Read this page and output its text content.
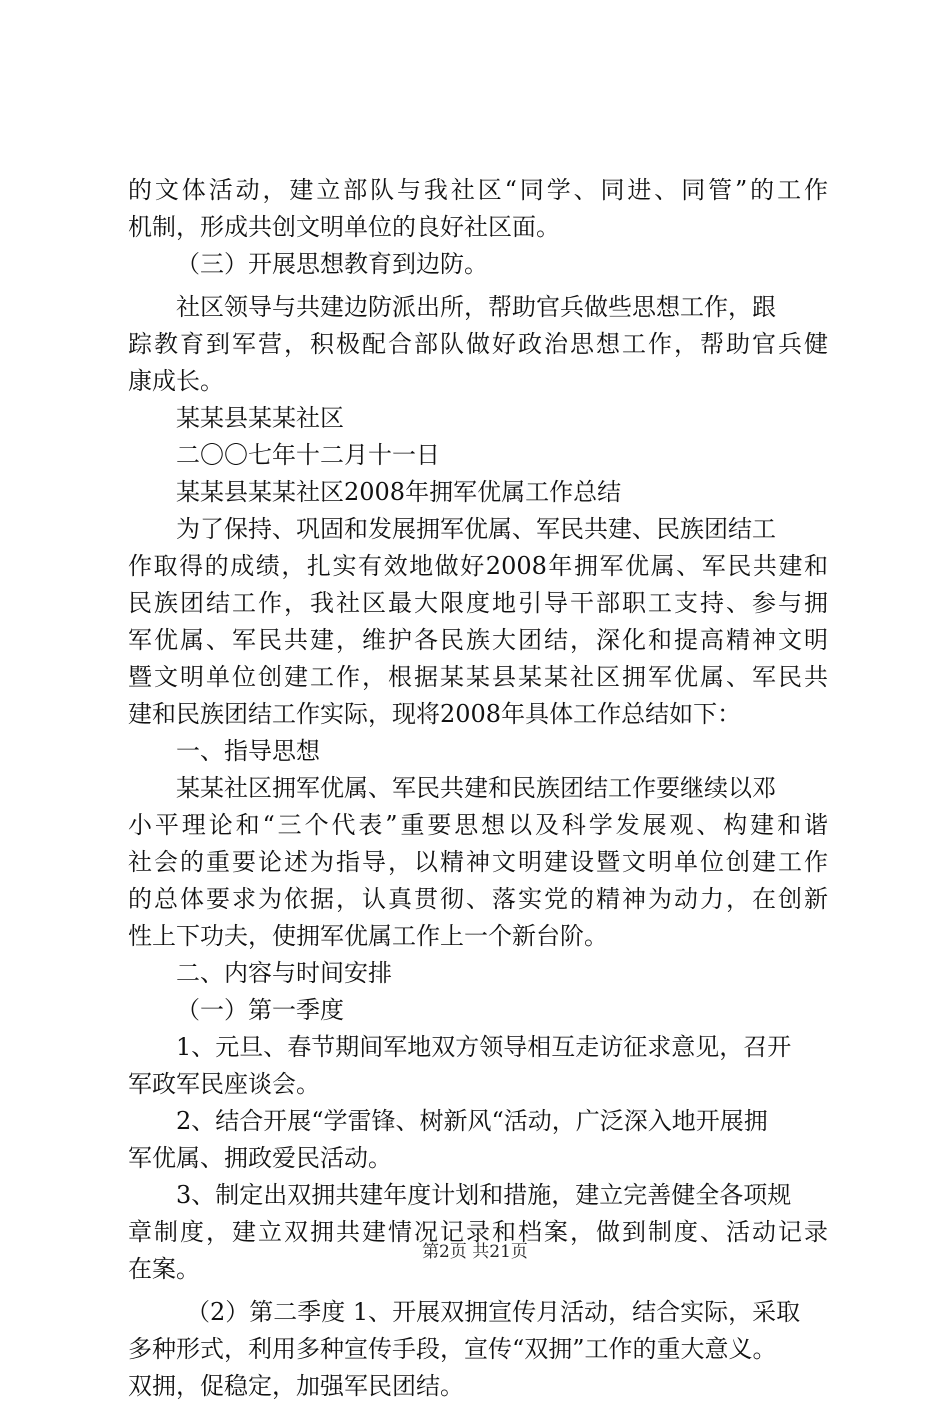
的文体活动，建立部队与我社区“同学、同进、同管”的工作
机制，形成共创文明单位的良好社区面。
（三）开展思想教育到边防。
社区领导与共建边防派出所，帮助官兵做些思想工作，跟
踪教育到军营，积极配合部队做好政治思想工作，帮助官兵健
康成长。
某某县某某社区
二〇〇七年十二月十一日
某某县某某社区2008年拥军优属工作总结
为了保持、巩固和发展拥军优属、军民共建、民族团结工
作取得的成绩，扎实有效地做好2008年拥军优属、军民共建和
民族团结工作，我社区最大限度地引导干部职工支持、参与拥
军优属、军民共建，维护各民族大团结，深化和提高精神文明
暨文明单位创建工作，根据某某县某某社区拥军优属、军民共
建和民族团结工作实际，现将2008年具体工作总结如下：
一、指导思想
某某社区拥军优属、军民共建和民族团结工作要继续以邓
小平理论和“三个代表”重要思想以及科学发展观、构建和谐
社会的重要论述为指导，以精神文明建设暨文明单位创建工作
的总体要求为依据，认真贯彻、落实党的精神为动力，在创新
性上下功夫，使拥军优属工作上一个新台阶。
二、内容与时间安排
（一）第一季度
1、元旦、春节期间军地双方领导相互走访征求意见，召开
军政军民座谈会。
2、结合开展“学雷锋、树新风“活动，广泛深入地开展拥
军优属、拥政爱民活动。
3、制定出双拥共建年度计划和措施，建立完善健全各项规
章制度，建立双拥共建情况记录和档案，做到制度、活动记录
在案。
（2）第二季度 1、开展双拥宣传月活动，结合实际，采取
多种形式，利用多种宣传手段，宣传“双拥”工作的重大意义。
双拥，促稳定，加强军民团结。
第2页 共21页
